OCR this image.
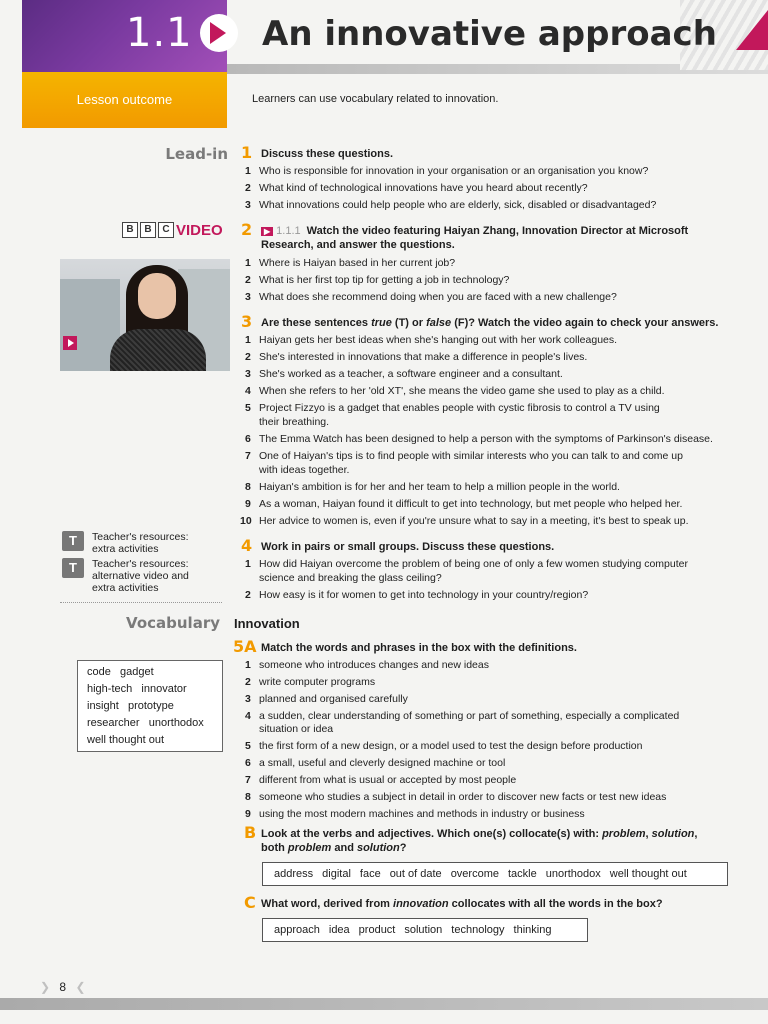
1.1 An innovative approach
Lesson outcome	Learners can use vocabulary related to innovation.
Lead-in
B	B	C VIDEO
T	Teacher's resources:
extra activities
T	Teacher's resources:
alternative video and
extra activities
Vocabulary
code   gadget
high-tech   innovator
insight   prototype
researcher   unorthodox
well thought out
1 Discuss these questions.
1 Who is responsible for innovation in your organisation or an organisation you know?
2 What kind of technological innovations have you heard about recently?
3 What innovations could help people who are elderly, sick, disabled or disadvantaged?
2	▶ 1.1.1 Watch the video featuring Haiyan Zhang, Innovation Director at Microsoft
Research, and answer the questions.
1 Where is Haiyan based in her current job?
2 What is her first top tip for getting a job in technology?
3 What does she recommend doing when you are faced with a new challenge?
3 Are these sentences true (T) or false (F)? Watch the video again to check your answers.
1 Haiyan gets her best ideas when she's hanging out with her work colleagues.
2 She's interested in innovations that make a difference in people's lives.
3 She's worked as a teacher, a software engineer and a consultant.
4 When she refers to her 'old XT', she means the video game she used to play as a child.
5 Project Fizzyo is a gadget that enables people with cystic fibrosis to control a TV using
their breathing.
6 The Emma Watch has been designed to help a person with the symptoms of Parkinson's disease.
7 One of Haiyan's tips is to find people with similar interests who you can talk to and come up
with ideas together.
8 Haiyan's ambition is for her and her team to help a million people in the world.
9 As a woman, Haiyan found it difficult to get into technology, but met people who helped her.
10 Her advice to women is, even if you're unsure what to say in a meeting, it's best to speak up.
4 Work in pairs or small groups. Discuss these questions.
1 How did Haiyan overcome the problem of being one of only a few women studying computer
science and breaking the glass ceiling?
2 How easy is it for women to get into technology in your country/region?
Innovation
5A Match the words and phrases in the box with the definitions.
1 someone who introduces changes and new ideas
2 write computer programs
3 planned and organised carefully
4 a sudden, clear understanding of something or part of something, especially a complicated
situation or idea
5 the first form of a new design, or a model used to test the design before production
6 a small, useful and cleverly designed machine or tool
7 different from what is usual or accepted by most people
8 someone who studies a subject in detail in order to discover new facts or test new ideas
9 using the most modern machines and methods in industry or business
B Look at the verbs and adjectives. Which one(s) collocate(s) with: problem, solution,
both problem and solution?
address digital face out of date overcome tackle unorthodox well thought out
C What word, derived from innovation collocates with all the words in the box?
approach idea product solution technology thinking
❯ 8 ❮
